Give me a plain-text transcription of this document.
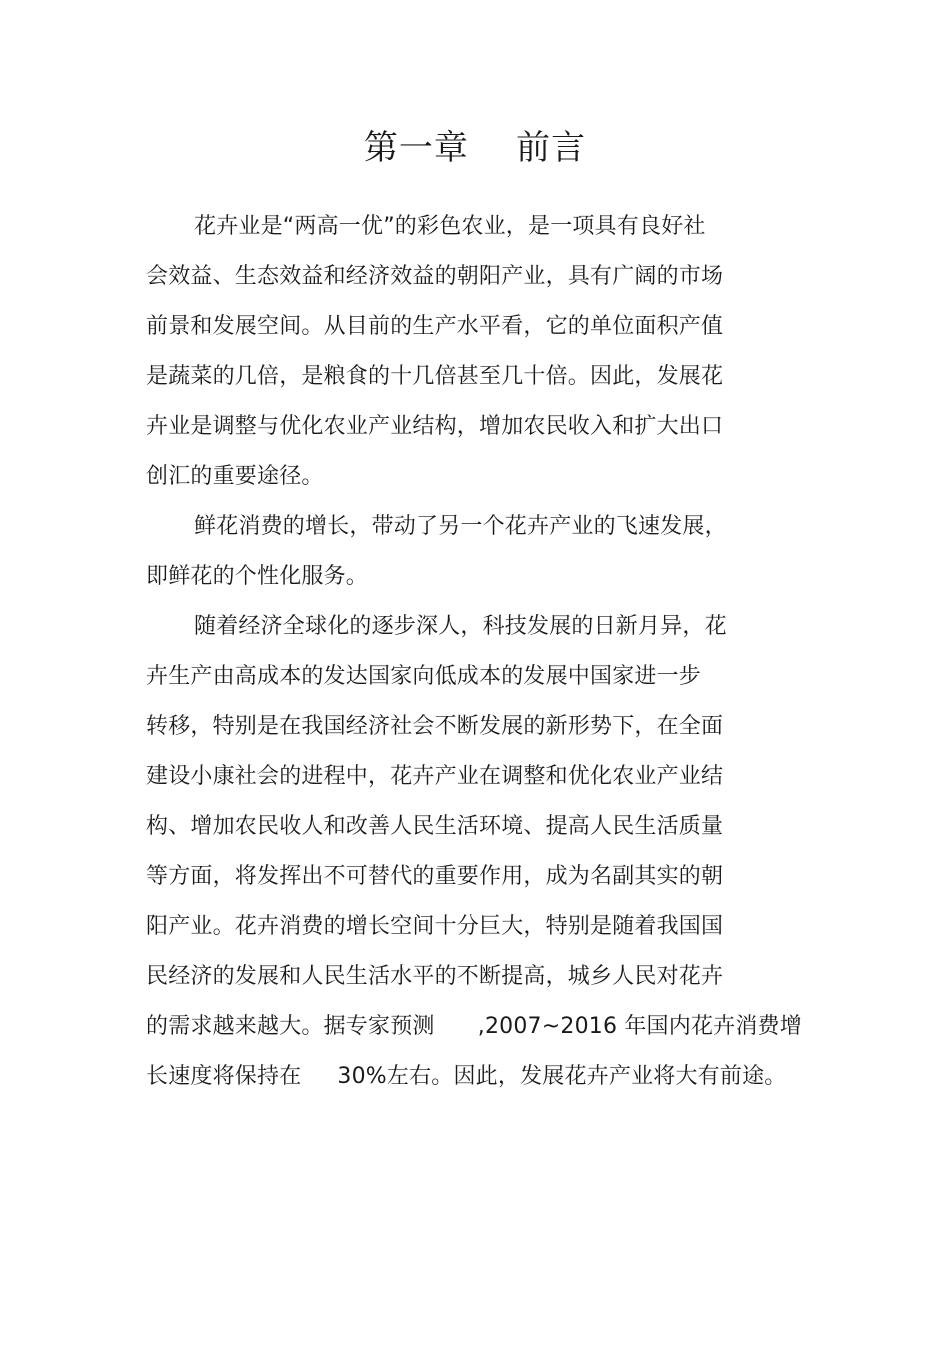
第一章    前言
花卉业是“两高一优”的彩色农业，是一项具有良好社
会效益、生态效益和经济效益的朝阳产业，具有广阔的市场
前景和发展空间。从目前的生产水平看，它的单位面积产值
是蔬菜的几倍，是粮食的十几倍甚至几十倍。因此，发展花
卉业是调整与优化农业产业结构，增加农民收入和扩大出口
创汇的重要途径。
鲜花消费的增长，带动了另一个花卉产业的飞速发展，
即鲜花的个性化服务。
随着经济全球化的逐步深人，科技发展的日新月异，花
卉生产由高成本的发达国家向低成本的发展中国家进一步
转移，特别是在我国经济社会不断发展的新形势下，在全面
建设小康社会的进程中，花卉产业在调整和优化农业产业结
构、增加农民收人和改善人民生活环境、提高人民生活质量
等方面，将发挥出不可替代的重要作用，成为名副其实的朝
阳产业。花卉消费的增长空间十分巨大，特别是随着我国国
民经济的发展和人民生活水平的不断提高，城乡人民对花卉
的需求越来越大。据专家预测      ,2007~2016 年国内花卉消费增
长速度将保持在     30%左右。因此，发展花卉产业将大有前途。
